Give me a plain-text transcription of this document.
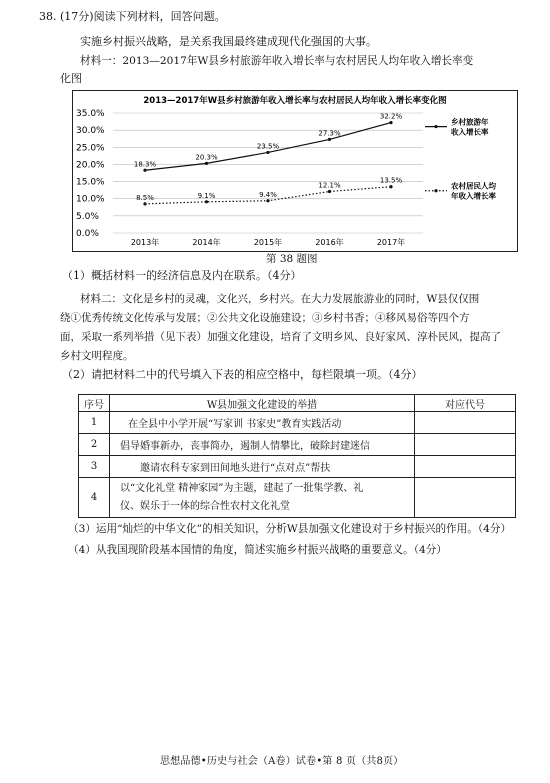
38. (17分)阅读下列材料，回答问题。
实施乡村振兴战略，是关系我国最终建成现代化强国的大事。
材料一：2013—2017年W县乡村旅游年收入增长率与农村居民人均年收入增长率变
化图
2013—2017年W县乡村旅游年收入增长率与农村居民人均年收入增长率变化图
35.0%
30.0%
25.0%
20.0%
15.0%
10.0%
5.0%
0.0%
2013年	2014年	2015年	2016年	2017年
18.3%
20.3%
23.5%
27.3%
32.2%
8.5%	9.1%	9.4%
12.1%
13.5%
乡村旅游年
收入增长率
农村居民人均
年收入增长率
第 38 题图
（1）概括材料一的经济信息及内在联系。（4分）
材料二：文化是乡村的灵魂，文化兴，乡村兴。在大力发展旅游业的同时，W县仅仅围
绕①优秀传统文化传承与发展；②公共文化设施建设；③乡村书香；④移风易俗等四个方
面，采取一系列举措（见下表）加强文化建设，培育了文明乡风、良好家风、淳朴民风，提高了
乡村文明程度。
（2）请把材料二中的代号填入下表的相应空格中，每栏限填一项。（4分）
序号	W县加强文化建设的举措	对应代号
1	在全县中小学开展“写家训 书家史”教育实践活动	
2	倡导婚事新办，丧事简办，遏制人情攀比，破除封建迷信	
3	邀请农科专家到田间地头进行“点对点”帮扶	
4	以“文化礼堂 精神家园”为主题，建起了一批集学教、礼
仪、娱乐于一体的综合性农村文化礼堂	

（3）运用“灿烂的中华文化”的相关知识，分析W县加强文化建设对于乡村振兴的作用。（4分）
（4）从我国现阶段基本国情的角度，简述实施乡村振兴战略的重要意义。（4分）
思想品德•历史与社会（A卷）试卷•第 8 页（共8页）
